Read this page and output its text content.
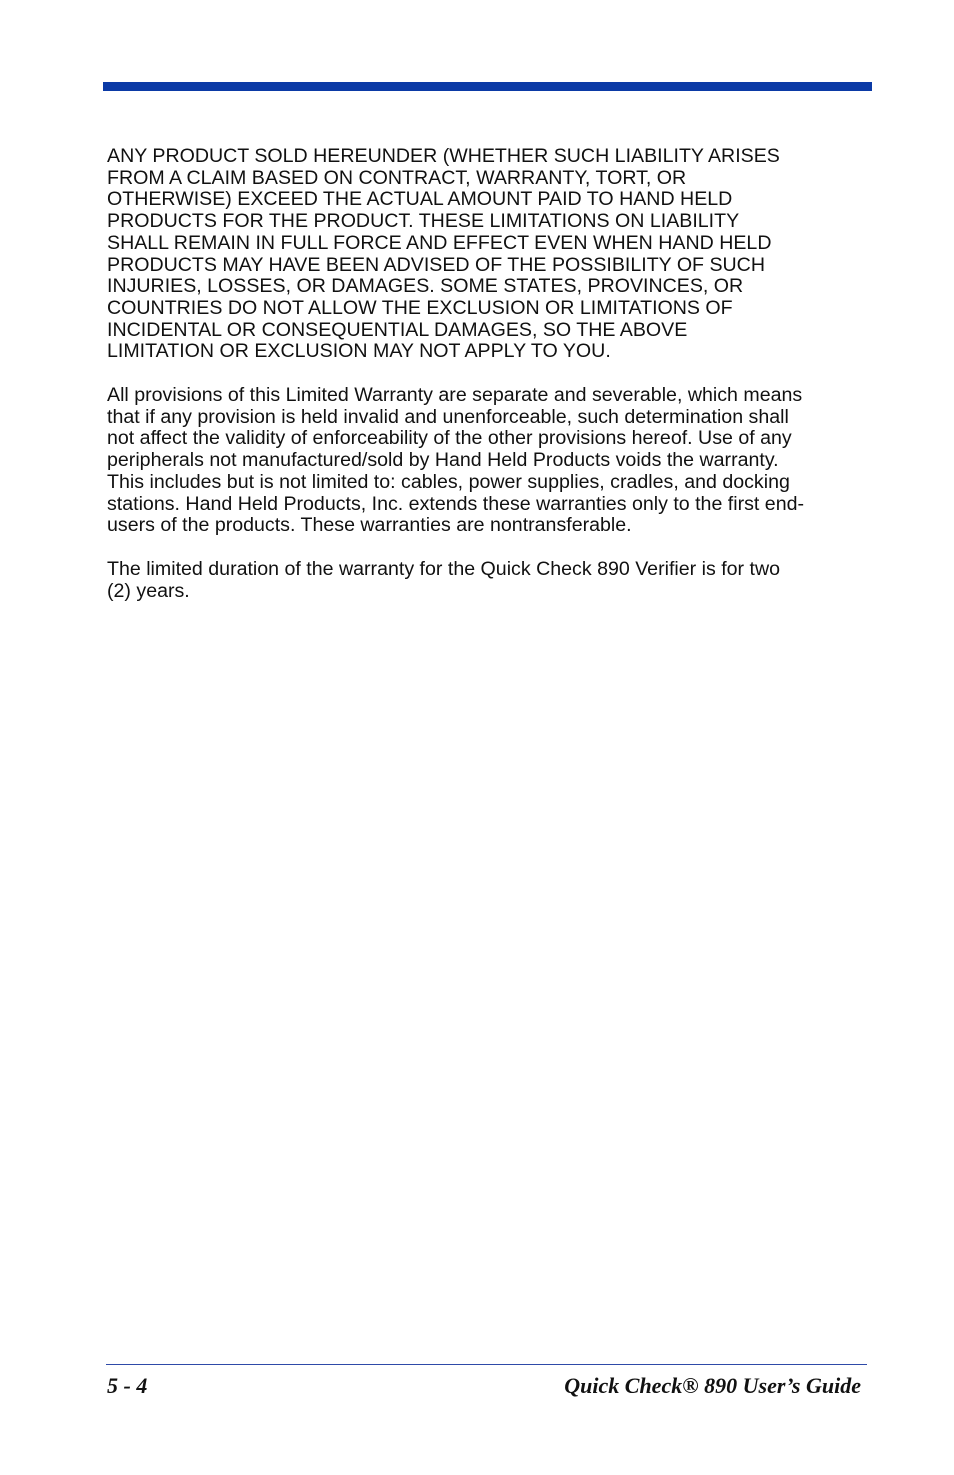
ANY PRODUCT SOLD HEREUNDER (WHETHER SUCH LIABILITY ARISES
FROM A CLAIM BASED ON CONTRACT, WARRANTY, TORT, OR
OTHERWISE) EXCEED THE ACTUAL AMOUNT PAID TO HAND HELD
PRODUCTS FOR THE PRODUCT. THESE LIMITATIONS ON LIABILITY
SHALL REMAIN IN FULL FORCE AND EFFECT EVEN WHEN HAND HELD
PRODUCTS MAY HAVE BEEN ADVISED OF THE POSSIBILITY OF SUCH
INJURIES, LOSSES, OR DAMAGES. SOME STATES, PROVINCES, OR
COUNTRIES DO NOT ALLOW THE EXCLUSION OR LIMITATIONS OF
INCIDENTAL OR CONSEQUENTIAL DAMAGES, SO THE ABOVE
LIMITATION OR EXCLUSION MAY NOT APPLY TO YOU.

All provisions of this Limited Warranty are separate and severable, which means
that if any provision is held invalid and unenforceable, such determination shall
not affect the validity of enforceability of the other provisions hereof. Use of any
peripherals not manufactured/sold by Hand Held Products voids the warranty.
This includes but is not limited to: cables, power supplies, cradles, and docking
stations. Hand Held Products, Inc. extends these warranties only to the first end-
users of the products. These warranties are nontransferable.

The limited duration of the warranty for the Quick Check 890 Verifier is for two
(2) years.

5 - 4	Quick Check® 890 User’s Guide
